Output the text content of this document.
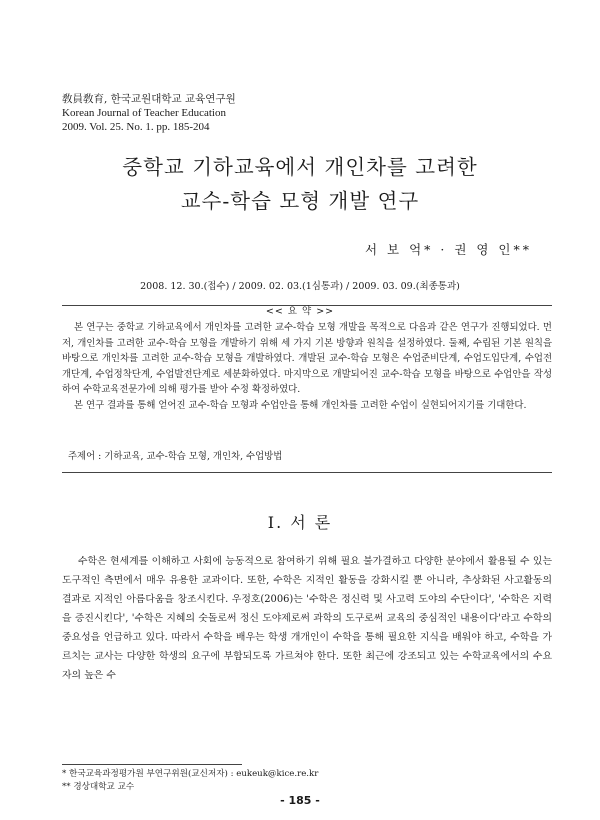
敎員敎育, 한국교원대학교 교육연구원
Korean Journal of Teacher Education
2009. Vol. 25. No. 1. pp. 185-204
중학교 기하교육에서 개인차를 고려한
교수-학습 모형 개발 연구
서 보 억* · 권 영 인**
2008. 12. 30.(접수) / 2009. 02. 03.(1심통과) / 2009. 03. 09.(최종통과)
<< 요 약 >>

본 연구는 중학교 기하교육에서 개인차를 고려한 교수-학습 모형 개발을 목적으로 다음과 같은 연구가 진행되었다. 먼저, 개인차를 고려한 교수-학습 모형을 개발하기 위해 세 가지 기본 방향과 원칙을 설정하였다. 둘째, 수립된 기본 원칙을 바탕으로 개인차를 고려한 교수-학습 모형을 개발하였다. 개발된 교수-학습 모형은 수업준비단계, 수업도입단계, 수업전개단계, 수업정착단계, 수업발전단계로 세분화하였다. 마지막으로 개발되어진 교수-학습 모형을 바탕으로 수업안을 작성하여 수학교육전문가에 의해 평가를 받아 수정 확정하였다.

본 연구 결과를 통해 얻어진 교수-학습 모형과 수업안을 통해 개인차를 고려한 수업이 실현되어지기를 기대한다.

주제어 : 기하교육, 교수-학습 모형, 개인차, 수업방법
Ⅰ. 서 론

수학은 현세계를 이해하고 사회에 능동적으로 참여하기 위해 필요 불가결하고 다양한 분야에서 활용될 수 있는 도구적인 측면에서 매우 유용한 교과이다. 또한, 수학은 지적인 활동을 강화시킬 뿐 아니라, 추상화된 사고활동의 결과로 지적인 아름다움을 창조시킨다. 우정호(2006)는 '수학은 정신력 및 사고력 도야의 수단이다', '수학은 지력을 증진시킨다', '수학은 지혜의 숫돌로써 정신 도야제로써 과학의 도구로써 교육의 중심적인 내용이다'라고 수학의 중요성을 언급하고 있다. 따라서 수학을 배우는 학생 개개인이 수학을 통해 필요한 지식을 배워야 하고, 수학을 가르치는 교사는 다양한 학생의 요구에 부합되도록 가르쳐야 한다. 또한 최근에 강조되고 있는 수학교육에서의 수요자의 높은 수

* 한국교육과정평가원 부연구위원(교신저자) : eukeuk@kice.re.kr
** 경상대학교 교수
- 185 -
